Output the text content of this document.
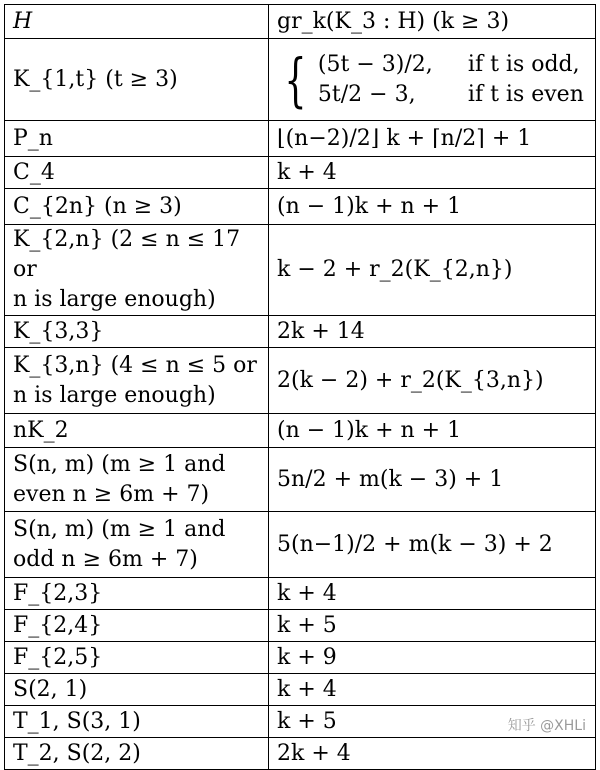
H	gr_k(K_3 : H) (k ≥ 3)
K_{1,t} (t ≥ 3)	{ (5t − 3)/2, if t is odd,
5t/2 − 3, if t is even

P_n	⌊(n−2)/2⌋ k + ⌈n/2⌉ + 1
C_4	k + 4
C_{2n} (n ≥ 3)	(n − 1)k + n + 1

K_{2,n} (2 ≤ n ≤ 17 or
n is large enough)	k − 2 + r_2(K_{2,n})
K_{3,3}	2k + 14

K_{3,n} (4 ≤ n ≤ 5 or
n is large enough)	2(k − 2) + r_2(K_{3,n})
nK_2	(n − 1)k + n + 1

S(n, m) (m ≥ 1 and
even n ≥ 6m + 7)	5n/2 + m(k − 3) + 1

S(n, m) (m ≥ 1 and
odd n ≥ 6m + 7)	5(n−1)/2 + m(k − 3) + 2
F_{2,3}	k + 4
F_{2,4}	k + 5
F_{2,5}	k + 9
S(2, 1)	k + 4
T_1, S(3, 1)	k + 5
T_2, S(2, 2)	2k + 4
知乎 @XHLi
